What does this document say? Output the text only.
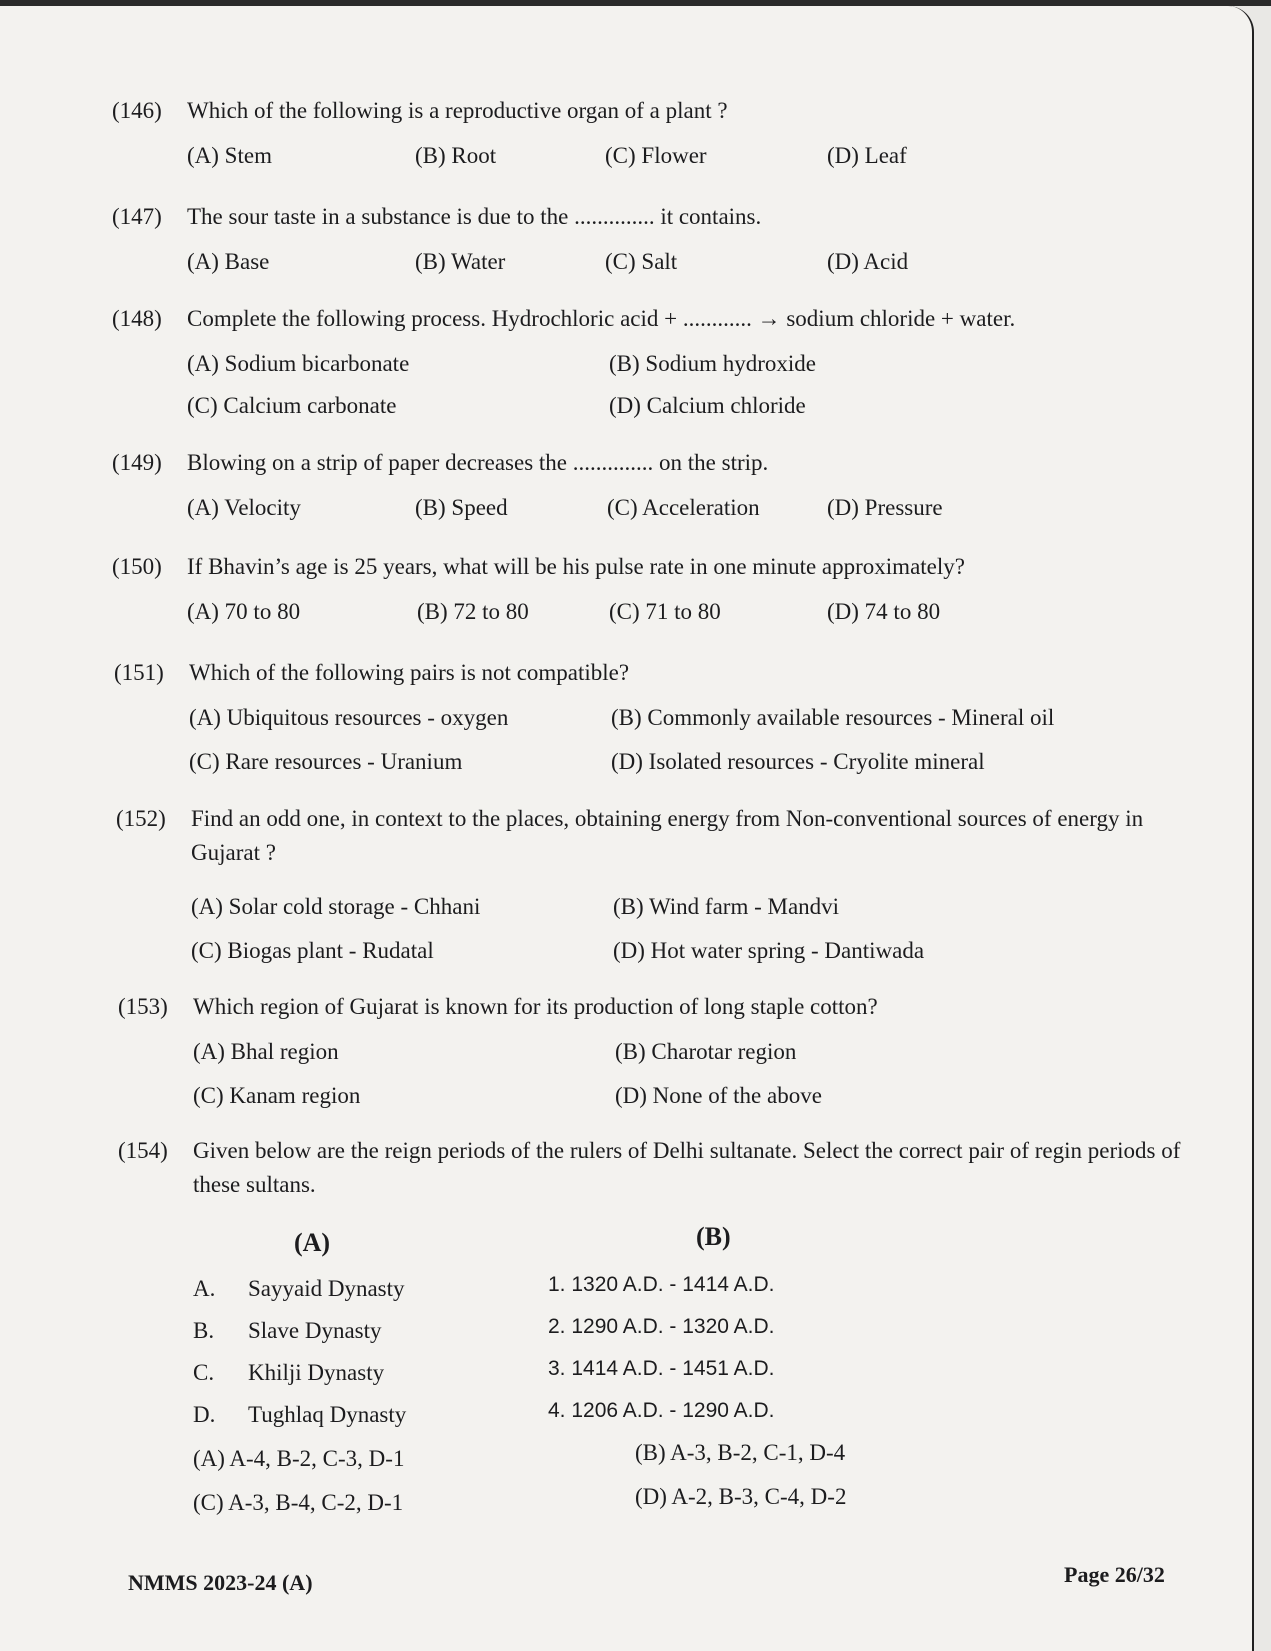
(146)	Which of the following is a reproductive organ of a plant ?
(A) Stem	(B) Root	(C) Flower	(D) Leaf
(147)	The sour taste in a substance is due to the .............. it contains.
(A) Base	(B) Water	(C) Salt	(D) Acid
(148)	Complete the following process. Hydrochloric acid + ............ → sodium chloride + water.
(A) Sodium bicarbonate	(B) Sodium hydroxide
(C) Calcium carbonate	(D) Calcium chloride
(149)	Blowing on a strip of paper decreases the .............. on the strip.
(A) Velocity	(B) Speed	(C) Acceleration	(D) Pressure
(150)	If Bhavin’s age is 25 years, what will be his pulse rate in one minute approximately?
(A) 70 to 80	(B) 72 to 80	(C) 71 to 80	(D) 74 to 80
(151)	Which of the following pairs is not compatible?
(A) Ubiquitous resources - oxygen	(B) Commonly available resources - Mineral oil
(C) Rare resources - Uranium	(D) Isolated resources - Cryolite mineral
(152)	Find an odd one, in context to the places, obtaining energy from Non-conventional sources of energy in Gujarat ?
(A) Solar cold storage - Chhani	(B) Wind farm - Mandvi
(C) Biogas plant - Rudatal	(D) Hot water spring - Dantiwada
(153)	Which region of Gujarat is known for its production of long staple cotton?
(A) Bhal region	(B) Charotar region
(C) Kanam region	(D) None of the above
(154)	Given below are the reign periods of the rulers of Delhi sultanate. Select the correct pair of regin periods of these sultans.
(A)	(B)
A. Sayyaid Dynasty	1. 1320 A.D. - 1414 A.D.
B. Slave Dynasty	2. 1290 A.D. - 1320 A.D.
C. Khilji Dynasty	3. 1414 A.D. - 1451 A.D.
D. Tughlaq Dynasty	4. 1206 A.D. - 1290 A.D.
(A) A-4, B-2, C-3, D-1	(B) A-3, B-2, C-1, D-4
(C) A-3, B-4, C-2, D-1	(D) A-2, B-3, C-4, D-2
NMMS 2023-24 (A)	Page 26/32
